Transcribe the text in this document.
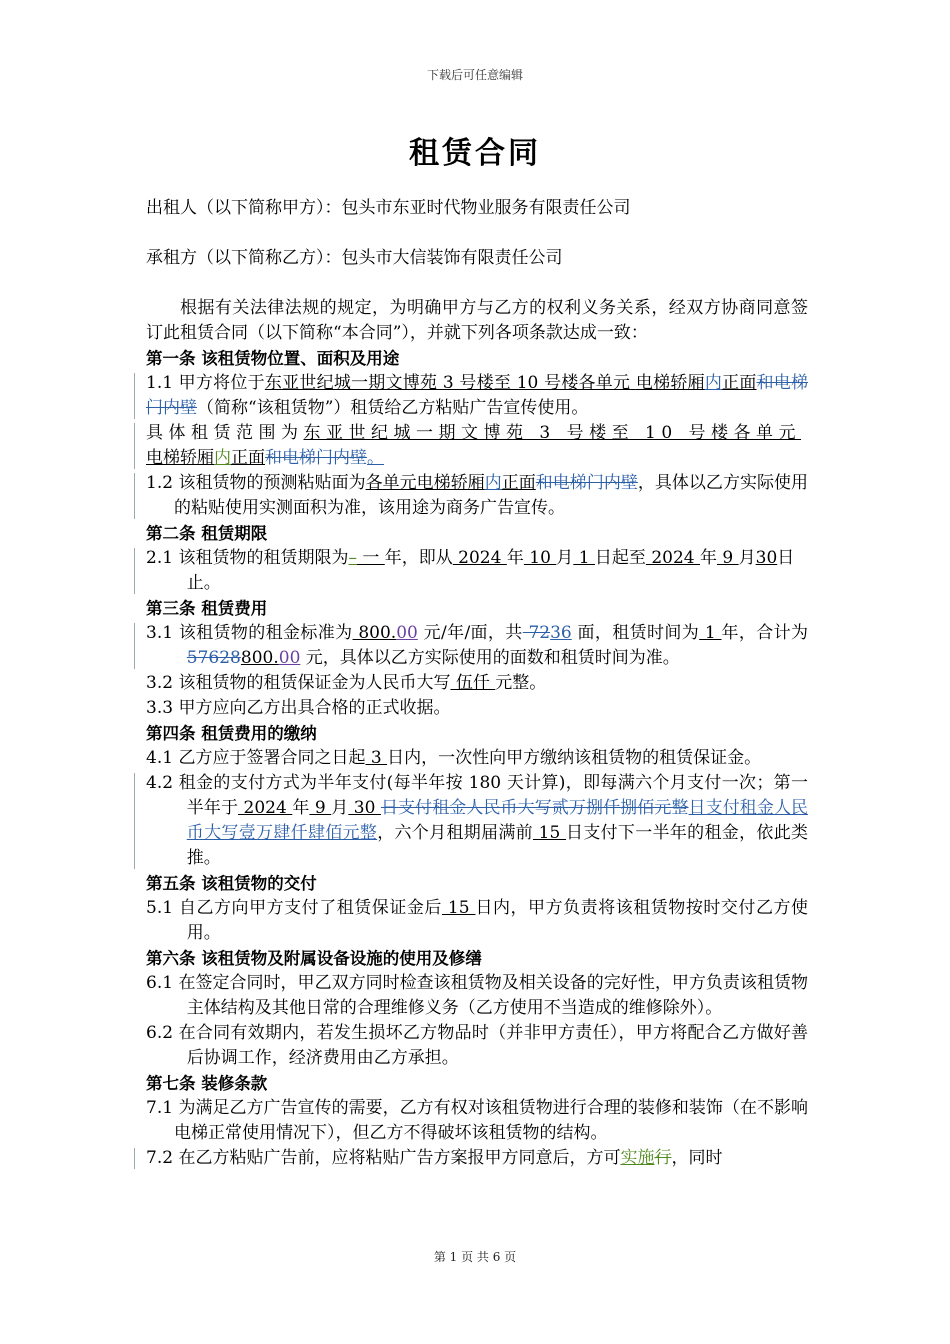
下载后可任意编辑
租赁合同

出租人（以下简称甲方）：包头市东亚时代物业服务有限责任公司

承租方（以下简称乙方）：包头市大信装饰有限责任公司

根据有关法律法规的规定，为明确甲方与乙方的权利义务关系，经双方协商同意签订此租赁合同（以下简称“本合同”），并就下列各项条款达成一致：

第一条 该租赁物位置、面积及用途

1.1 甲方将位于东亚世纪城一期文博苑 3 号楼至 10 号楼各单元 电梯轿厢内正面和电梯门内壁（简称“该租赁物”）租赁给乙方粘贴广告宣传使用。

具体租赁范围为东亚世纪城一期文博苑 3 号楼至 10 号楼各单元
电梯轿厢内正面和电梯门内壁。

1.2 该租赁物的预测粘贴面为各单元电梯轿厢内正面和电梯门内壁，具体以乙方实际使用的粘贴使用实测面积为准，该用途为商务广告宣传。

第二条 租赁期限

2.1 该租赁物的租赁期限为– 一 年，即从 2024 年 10 月 1 日起至 2024 年 9 月30日止。

第三条 租赁费用

3.1 该租赁物的租金标准为 800.00 元/年/面，共 7236 面，租赁时间为 1 年，合计为 57628800.00 元，具体以乙方实际使用的面数和租赁时间为准。

3.2 该租赁物的租赁保证金为人民币大写 伍仟 元整。

3.3 甲方应向乙方出具合格的正式收据。

第四条 租赁费用的缴纳

4.1 乙方应于签署合同之日起 3 日内，一次性向甲方缴纳该租赁物的租赁保证金。

4.2 租金的支付方式为半年支付(每半年按 180 天计算)，即每满六个月支付一次；第一半年于 2024 年 9 月 30 日支付租金人民币大写贰万捌仟捌佰元整日支付租金人民币大写壹万肆仟肆佰元整，六个月租期届满前 15 日支付下一半年的租金，依此类推。

第五条 该租赁物的交付

5.1 自乙方向甲方支付了租赁保证金后 15 日内，甲方负责将该租赁物按时交付乙方使用。

第六条 该租赁物及附属设备设施的使用及修缮

6.1 在签定合同时，甲乙双方同时检查该租赁物及相关设备的完好性，甲方负责该租赁物主体结构及其他日常的合理维修义务（乙方使用不当造成的维修除外）。

6.2 在合同有效期内，若发生损坏乙方物品时（并非甲方责任），甲方将配合乙方做好善后协调工作，经济费用由乙方承担。

第七条 装修条款

7.1 为满足乙方广告宣传的需要，乙方有权对该租赁物进行合理的装修和装饰（在不影响电梯正常使用情况下），但乙方不得破坏该租赁物的结构。

7.2 在乙方粘贴广告前，应将粘贴广告方案报甲方同意后，方可实施行，同时

第 1 页 共 6 页
